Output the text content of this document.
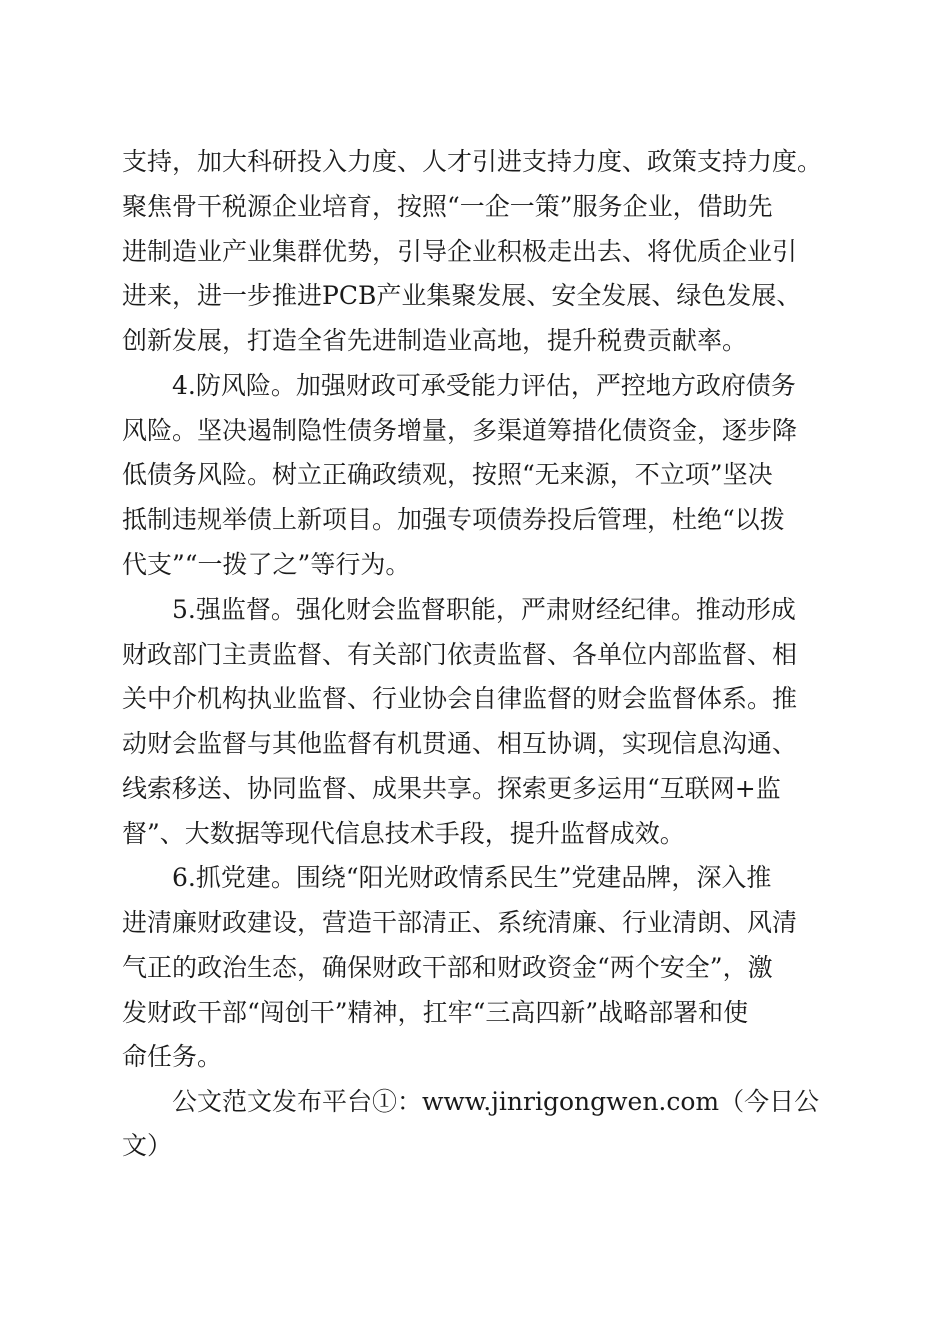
支持，加大科研投入力度、人才引进支持力度、政策支持力度。
聚焦骨干税源企业培育，按照“一企一策”服务企业，借助先
进制造业产业集群优势，引导企业积极走出去、将优质企业引
进来，进一步推进PCB产业集聚发展、安全发展、绿色发展、
创新发展，打造全省先进制造业高地，提升税费贡献率。
4.防风险。加强财政可承受能力评估，严控地方政府债务
风险。坚决遏制隐性债务增量，多渠道筹措化债资金，逐步降
低债务风险。树立正确政绩观，按照“无来源，不立项”坚决
抵制违规举债上新项目。加强专项债券投后管理，杜绝“以拨
代支”“一拨了之”等行为。
5.强监督。强化财会监督职能，严肃财经纪律。推动形成
财政部门主责监督、有关部门依责监督、各单位内部监督、相
关中介机构执业监督、行业协会自律监督的财会监督体系。推
动财会监督与其他监督有机贯通、相互协调，实现信息沟通、
线索移送、协同监督、成果共享。探索更多运用“互联网+监
督”、大数据等现代信息技术手段，提升监督成效。
6.抓党建。围绕“阳光财政情系民生”党建品牌，深入推
进清廉财政建设，营造干部清正、系统清廉、行业清朗、风清
气正的政治生态，确保财政干部和财政资金“两个安全”，激
发财政干部“闯创干”精神，扛牢“三高四新”战略部署和使
命任务。
公文范文发布平台①：www.jinrigongwen.com（今日公
文）
